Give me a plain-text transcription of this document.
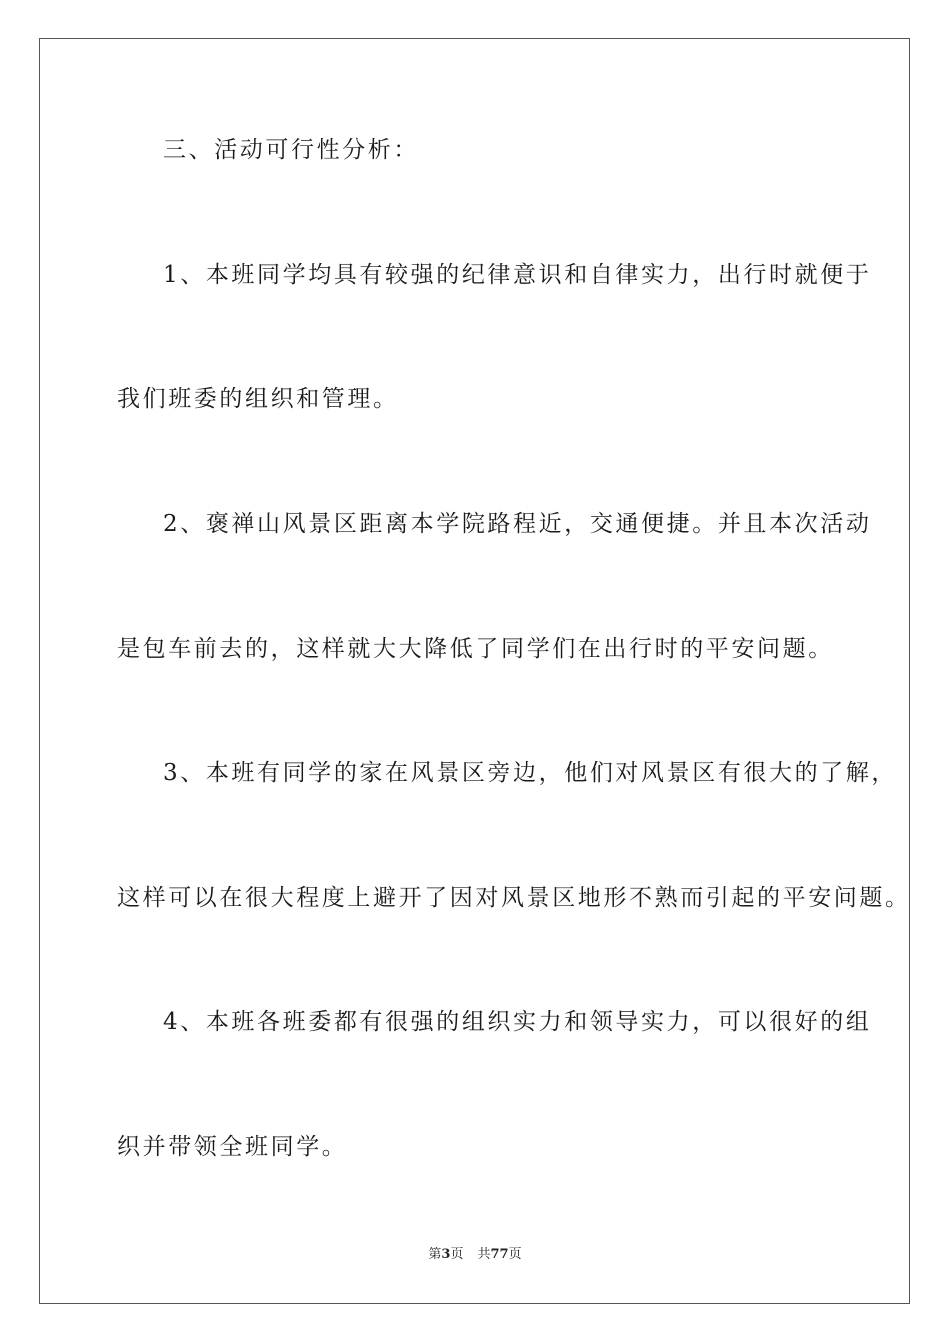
三、活动可行性分析：
1、本班同学均具有较强的纪律意识和自律实力，出行时就便于
我们班委的组织和管理。
2、褒禅山风景区距离本学院路程近，交通便捷。并且本次活动
是包车前去的，这样就大大降低了同学们在出行时的平安问题。
3、本班有同学的家在风景区旁边，他们对风景区有很大的了解，
这样可以在很大程度上避开了因对风景区地形不熟而引起的平安问题。
4、本班各班委都有很强的组织实力和领导实力，可以很好的组
织并带领全班同学。
第3页 共77页
